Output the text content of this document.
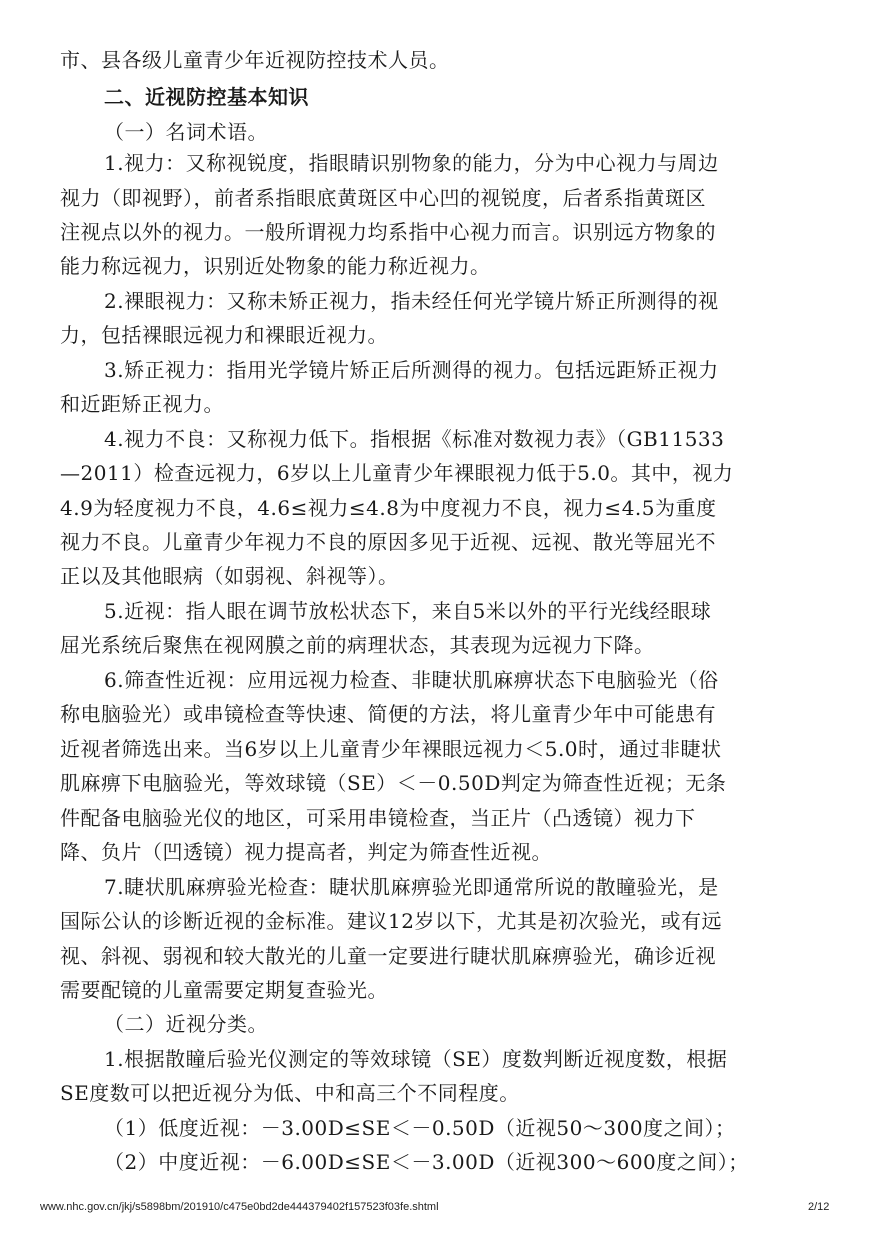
市、县各级儿童青少年近视防控技术人员。
二、近视防控基本知识
（一）名词术语。
1.视力：又称视锐度，指眼睛识别物象的能力，分为中心视力与周边
视力（即视野），前者系指眼底黄斑区中心凹的视锐度，后者系指黄斑区
注视点以外的视力。一般所谓视力均系指中心视力而言。识别远方物象的
能力称远视力，识别近处物象的能力称近视力。
2.裸眼视力：又称未矫正视力，指未经任何光学镜片矫正所测得的视
力，包括裸眼远视力和裸眼近视力。
3.矫正视力：指用光学镜片矫正后所测得的视力。包括远距矫正视力
和近距矫正视力。
4.视力不良：又称视力低下。指根据《标准对数视力表》（GB11533
—2011）检查远视力，6岁以上儿童青少年裸眼视力低于5.0。其中，视力
4.9为轻度视力不良，4.6≤视力≤4.8为中度视力不良，视力≤4.5为重度
视力不良。儿童青少年视力不良的原因多见于近视、远视、散光等屈光不
正以及其他眼病（如弱视、斜视等）。
5.近视：指人眼在调节放松状态下，来自5米以外的平行光线经眼球
屈光系统后聚焦在视网膜之前的病理状态，其表现为远视力下降。
6.筛查性近视：应用远视力检查、非睫状肌麻痹状态下电脑验光（俗
称电脑验光）或串镜检查等快速、简便的方法，将儿童青少年中可能患有
近视者筛选出来。当6岁以上儿童青少年裸眼远视力＜5.0时，通过非睫状
肌麻痹下电脑验光，等效球镜（SE）＜－0.50D判定为筛查性近视；无条
件配备电脑验光仪的地区，可采用串镜检查，当正片（凸透镜）视力下
降、负片（凹透镜）视力提高者，判定为筛查性近视。
7.睫状肌麻痹验光检查：睫状肌麻痹验光即通常所说的散瞳验光，是
国际公认的诊断近视的金标准。建议12岁以下，尤其是初次验光，或有远
视、斜视、弱视和较大散光的儿童一定要进行睫状肌麻痹验光，确诊近视
需要配镜的儿童需要定期复查验光。
（二）近视分类。
1.根据散瞳后验光仪测定的等效球镜（SE）度数判断近视度数，根据
SE度数可以把近视分为低、中和高三个不同程度。
（1）低度近视：－3.00D≤SE＜－0.50D（近视50～300度之间）；
（2）中度近视：－6.00D≤SE＜－3.00D（近视300～600度之间）；
www.nhc.gov.cn/jkj/s5898bm/201910/c475e0bd2de444379402f157523f03fe.shtml	2/12
